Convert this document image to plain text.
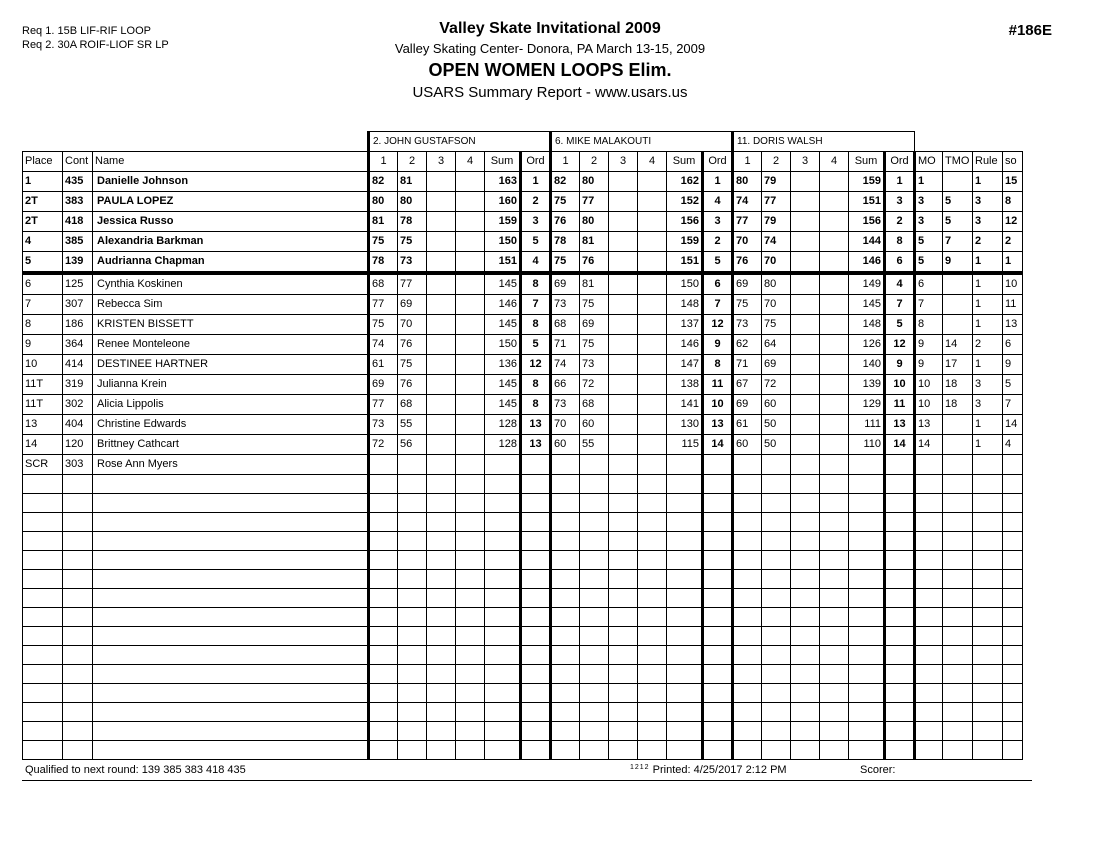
Req 1. 15B LIF-RIF LOOP
Req 2. 30A ROIF-LIOF SR LP
#186E
Valley Skate Invitational 2009
Valley Skating Center- Donora, PA March 13-15, 2009
OPEN WOMEN LOOPS Elim.
USARS Summary Report - www.usars.us
			2. JOHN GUSTAFSON						6. MIKE MALAKOUTI						11. DORIS WALSH									
Place	Cont	Name	1	2	3	4	Sum	Ord	1	2	3	4	Sum	Ord	1	2	3	4	Sum	Ord	MO	TMO	Rule	so
1	435	Danielle Johnson	82	81			163	1	82	80			162	1	80	79			159	1	1		1	15
2T	383	PAULA LOPEZ	80	80			160	2	75	77			152	4	74	77			151	3	3	5	3	8
2T	418	Jessica Russo	81	78			159	3	76	80			156	3	77	79			156	2	3	5	3	12
4	385	Alexandria Barkman	75	75			150	5	78	81			159	2	70	74			144	8	5	7	2	2
5	139	Audrianna Chapman	78	73			151	4	75	76			151	5	76	70			146	6	5	9	1	1
6	125	Cynthia Koskinen	68	77			145	8	69	81			150	6	69	80			149	4	6		1	10
7	307	Rebecca Sim	77	69			146	7	73	75			148	7	75	70			145	7	7		1	11
8	186	KRISTEN BISSETT	75	70			145	8	68	69			137	12	73	75			148	5	8		1	13
9	364	Renee Monteleone	74	76			150	5	71	75			146	9	62	64			126	12	9	14	2	6
10	414	DESTINEE HARTNER	61	75			136	12	74	73			147	8	71	69			140	9	9	17	1	9
11T	319	Julianna Krein	69	76			145	8	66	72			138	11	67	72			139	10	10	18	3	5
11T	302	Alicia Lippolis	77	68			145	8	73	68			141	10	69	60			129	11	10	18	3	7
13	404	Christine Edwards	73	55			128	13	70	60			130	13	61	50			111	13	13		1	14
14	120	Brittney Cathcart	72	56			128	13	60	55			115	14	60	50			110	14	14		1	4
SCR	303	Rose Ann Myers																						

Qualified to next round: 139 385 383 418 435	$^{1212}$ Printed: 4/25/2017 2:12 PM	Scorer:
